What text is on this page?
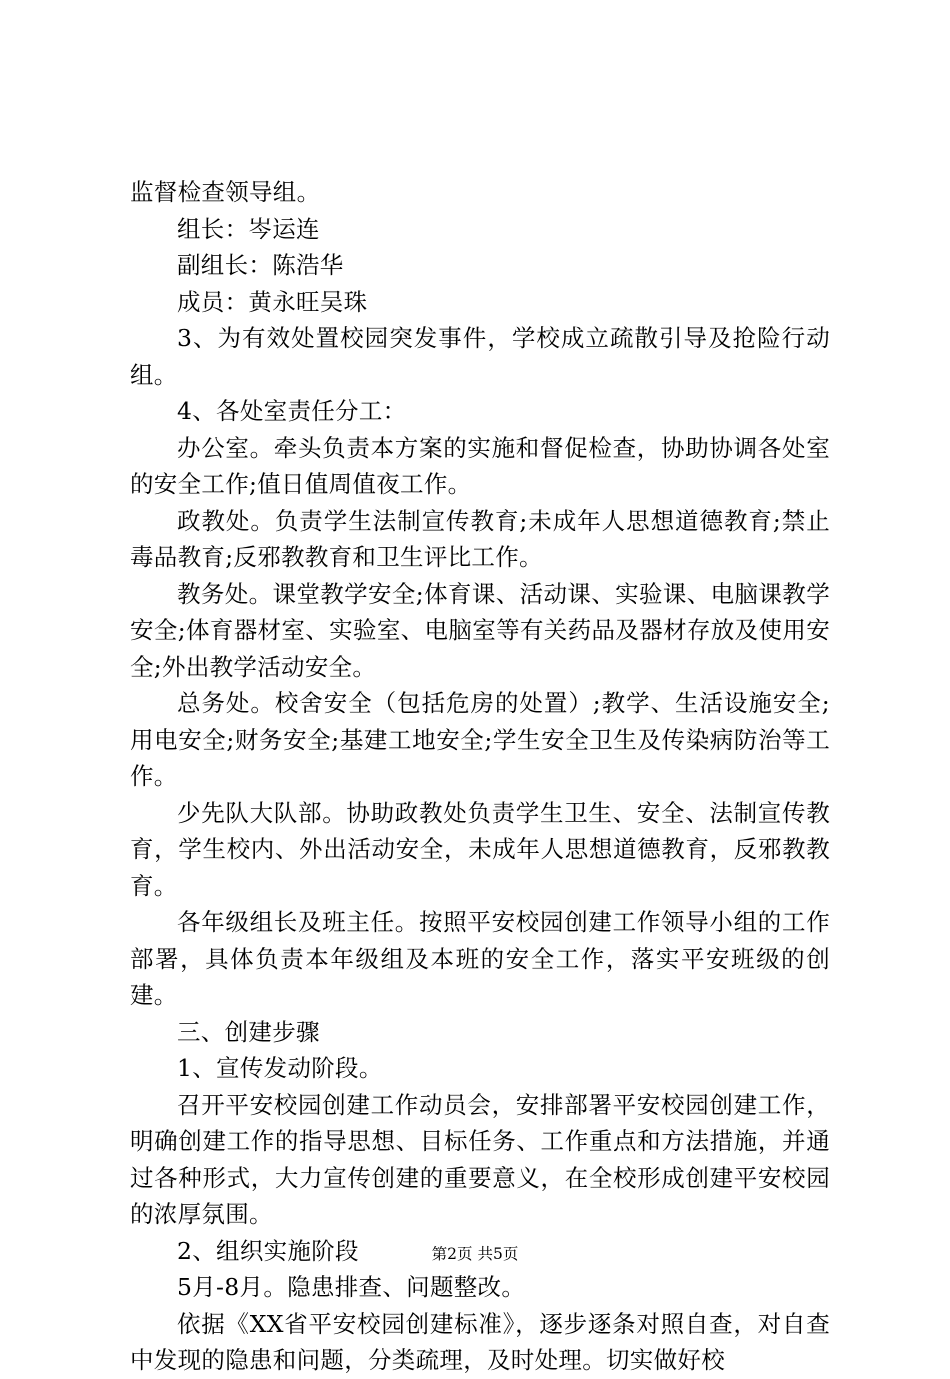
监督检查领导组。

组长：岑运连

副组长：陈浩华

成员：黄永旺吴珠

3、为有效处置校园突发事件，学校成立疏散引导及抢险行动组。

4、各处室责任分工：

办公室。牵头负责本方案的实施和督促检查，协助协调各处室的安全工作;值日值周值夜工作。

政教处。负责学生法制宣传教育;未成年人思想道德教育;禁止毒品教育;反邪教教育和卫生评比工作。

教务处。课堂教学安全;体育课、活动课、实验课、电脑课教学安全;体育器材室、实验室、电脑室等有关药品及器材存放及使用安全;外出教学活动安全。

总务处。校舍安全（包括危房的处置）;教学、生活设施安全;用电安全;财务安全;基建工地安全;学生安全卫生及传染病防治等工作。

少先队大队部。协助政教处负责学生卫生、安全、法制宣传教育，学生校内、外出活动安全，未成年人思想道德教育，反邪教教育。

各年级组长及班主任。按照平安校园创建工作领导小组的工作部署，具体负责本年级组及本班的安全工作，落实平安班级的创建。

三、创建步骤

1、宣传发动阶段。

召开平安校园创建工作动员会，安排部署平安校园创建工作，明确创建工作的指导思想、目标任务、工作重点和方法措施，并通过各种形式，大力宣传创建的重要意义，在全校形成创建平安校园的浓厚氛围。

2、组织实施阶段

5月-8月。隐患排查、问题整改。

依据《XX省平安校园创建标准》，逐步逐条对照自查，对自查中发现的隐患和问题，分类疏理，及时处理。切实做好校

第2页 共5页
